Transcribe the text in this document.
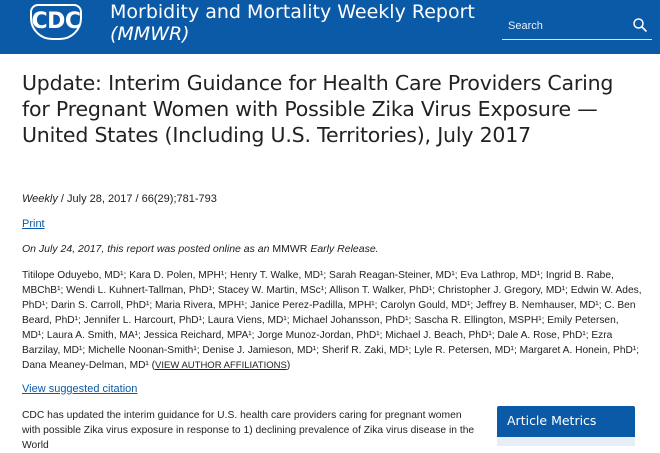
CDC Morbidity and Mortality Weekly Report
(MMWR)
Search
Update: Interim Guidance for Health Care Providers Caring for Pregnant Women with Possible Zika Virus Exposure — United States (Including U.S. Territories), July 2017
Weekly / July 28, 2017 / 66(29);781-793
Print
On July 24, 2017, this report was posted online as an MMWR Early Release.
Titilope Oduyebo, MD¹; Kara D. Polen, MPH¹; Henry T. Walke, MD¹; Sarah Reagan-Steiner, MD¹; Eva Lathrop, MD¹; Ingrid B. Rabe, MBChB¹; Wendi L. Kuhnert-Tallman, PhD¹; Stacey W. Martin, MSc¹; Allison T. Walker, PhD¹; Christopher J. Gregory, MD¹; Edwin W. Ades, PhD¹; Darin S. Carroll, PhD¹; Maria Rivera, MPH¹; Janice Perez-Padilla, MPH¹; Carolyn Gould, MD¹; Jeffrey B. Nemhauser, MD¹; C. Ben Beard, PhD¹; Jennifer L. Harcourt, PhD¹; Laura Viens, MD¹; Michael Johansson, PhD¹; Sascha R. Ellington, MSPH¹; Emily Petersen, MD¹; Laura A. Smith, MA¹; Jessica Reichard, MPA¹; Jorge Munoz-Jordan, PhD¹; Michael J. Beach, PhD¹; Dale A. Rose, PhD¹; Ezra Barzilay, MD¹; Michelle Noonan-Smith¹; Denise J. Jamieson, MD¹; Sherif R. Zaki, MD¹; Lyle R. Petersen, MD¹; Margaret A. Honein, PhD¹; Dana Meaney-Delman, MD¹ (VIEW AUTHOR AFFILIATIONS)
View suggested citation
CDC has updated the interim guidance for U.S. health care providers caring for pregnant women with possible Zika virus exposure in response to 1) declining prevalence of Zika virus disease in the World
Article Metrics
